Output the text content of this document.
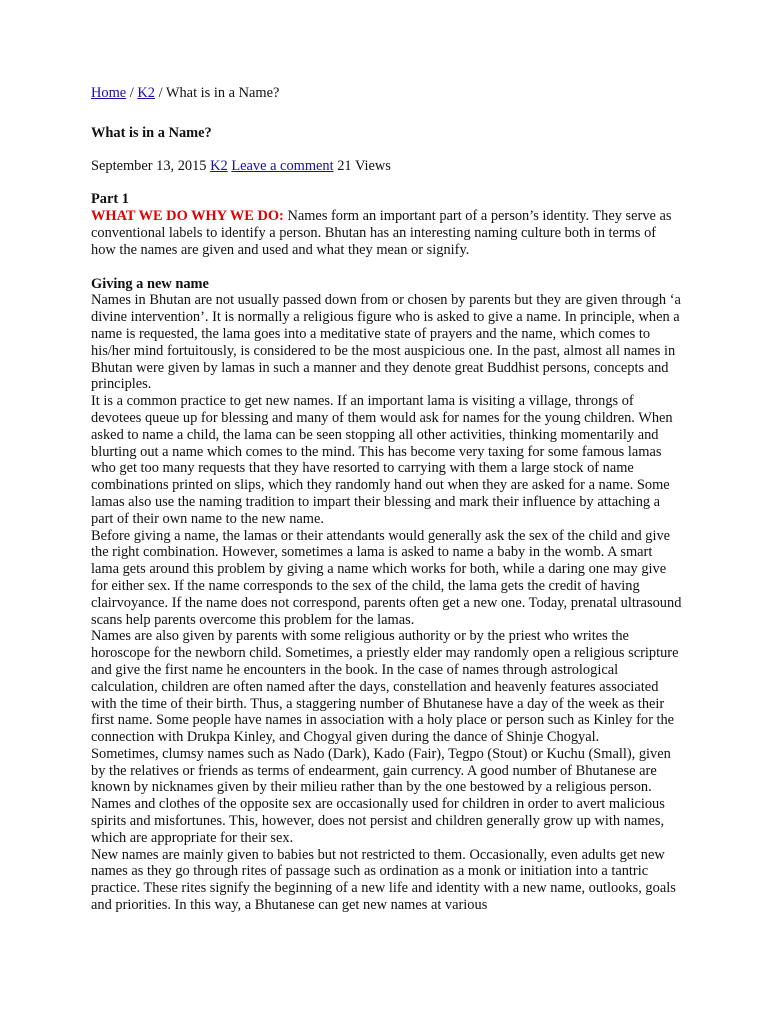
Home / K2 / What is in a Name?
What is in a Name?
September 13, 2015 K2 Leave a comment 21 Views
Part 1
WHAT WE DO WHY WE DO: Names form an important part of a person’s identity. They serve as conventional labels to identify a person. Bhutan has an interesting naming culture both in terms of how the names are given and used and what they mean or signify.
Giving a new name
Names in Bhutan are not usually passed down from or chosen by parents but they are given through ‘a divine intervention’. It is normally a religious figure who is asked to give a name. In principle, when a name is requested, the lama goes into a meditative state of prayers and the name, which comes to his/her mind fortuitously, is considered to be the most auspicious one. In the past, almost all names in Bhutan were given by lamas in such a manner and they denote great Buddhist persons, concepts and principles.
It is a common practice to get new names. If an important lama is visiting a village, throngs of devotees queue up for blessing and many of them would ask for names for the young children. When asked to name a child, the lama can be seen stopping all other activities, thinking momentarily and blurting out a name which comes to the mind. This has become very taxing for some famous lamas who get too many requests that they have resorted to carrying with them a large stock of name combinations printed on slips, which they randomly hand out when they are asked for a name. Some lamas also use the naming tradition to impart their blessing and mark their influence by attaching a part of their own name to the new name.
Before giving a name, the lamas or their attendants would generally ask the sex of the child and give the right combination. However, sometimes a lama is asked to name a baby in the womb. A smart lama gets around this problem by giving a name which works for both, while a daring one may give for either sex. If the name corresponds to the sex of the child, the lama gets the credit of having clairvoyance. If the name does not correspond, parents often get a new one. Today, prenatal ultrasound scans help parents overcome this problem for the lamas.
Names are also given by parents with some religious authority or by the priest who writes the horoscope for the newborn child. Sometimes, a priestly elder may randomly open a religious scripture and give the first name he encounters in the book. In the case of names through astrological calculation, children are often named after the days, constellation and heavenly features associated with the time of their birth. Thus, a staggering number of Bhutanese have a day of the week as their first name. Some people have names in association with a holy place or person such as Kinley for the connection with Drukpa Kinley, and Chogyal given during the dance of Shinje Chogyal.
Sometimes, clumsy names such as Nado (Dark), Kado (Fair), Tegpo (Stout) or Kuchu (Small), given by the relatives or friends as terms of endearment, gain currency. A good number of Bhutanese are known by nicknames given by their milieu rather than by the one bestowed by a religious person. Names and clothes of the opposite sex are occasionally used for children in order to avert malicious spirits and misfortunes. This, however, does not persist and children generally grow up with names, which are appropriate for their sex.
New names are mainly given to babies but not restricted to them. Occasionally, even adults get new names as they go through rites of passage such as ordination as a monk or initiation into a tantric practice. These rites signify the beginning of a new life and identity with a new name, outlooks, goals and priorities. In this way, a Bhutanese can get new names at various
